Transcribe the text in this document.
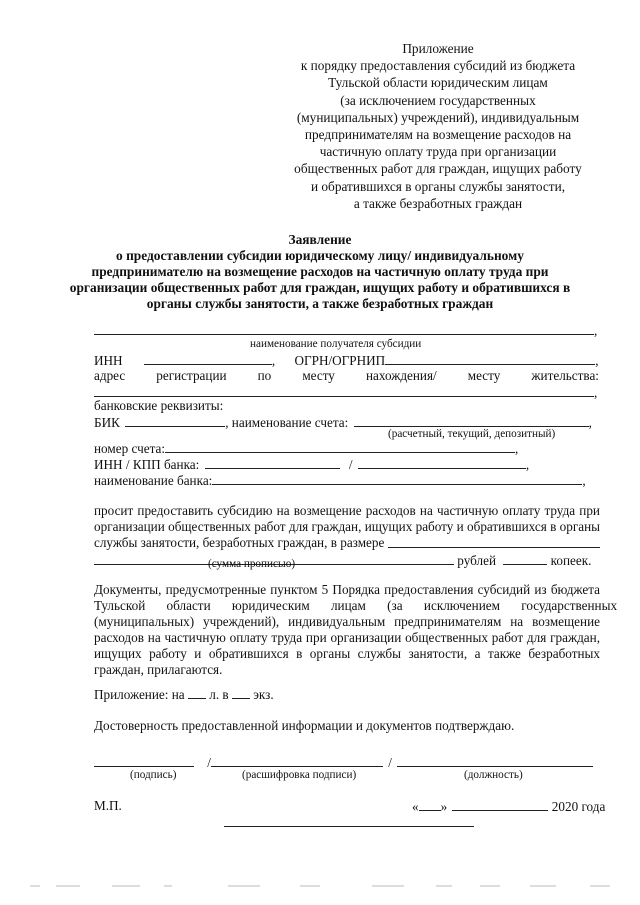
Приложение
к порядку предоставления субсидий из бюджета
Тульской области юридическим лицам
(за исключением государственных
(муниципальных) учреждений), индивидуальным
предпринимателям на возмещение расходов на
частичную оплату труда при организации
общественных работ для граждан, ищущих работу
и обратившихся в органы службы занятости,
а также безработных граждан
Заявление
о предоставлении субсидии юридическому лицу/ индивидуальному
предпринимателю на возмещение расходов на частичную оплату труда при
организации общественных работ для граждан, ищущих работу и обратившихся в
органы службы занятости, а также безработных граждан
,
наименование получателя субсидии
ИНН	, ОГРН/ОГРНИП	,
адрес регистрации по месту нахождения/ месту жительства:
,
банковские реквизиты:
БИК	, наименование счета:	,
(расчетный, текущий, депозитный)
номер счета:	,
ИНН / КПП банка:	/	,
наименование банка:	,
просит предоставить субсидию на возмещение расходов на частичную оплату труда при
организации общественных работ для граждан, ищущих работу и обратившихся в органы
службы занятости, безработных граждан, в размере
рублей	копеек.
(сумма прописью)
Документы, предусмотренные пунктом 5 Порядка предоставления субсидий из бюджета
Тульской области юридическим лицам (за исключением государственных
(муниципальных) учреждений), индивидуальным предпринимателям на возмещение
расходов на частичную оплату труда при организации общественных работ для граждан,
ищущих работу и обратившихся в органы службы занятости, а также безработных
граждан, прилагаются.
Приложение: на л. в экз.
Достоверность предоставленной информации и документов подтверждаю.
/	/
(подпись)	(расшифровка подписи)	(должность)
М.П.	« »	2020 года
